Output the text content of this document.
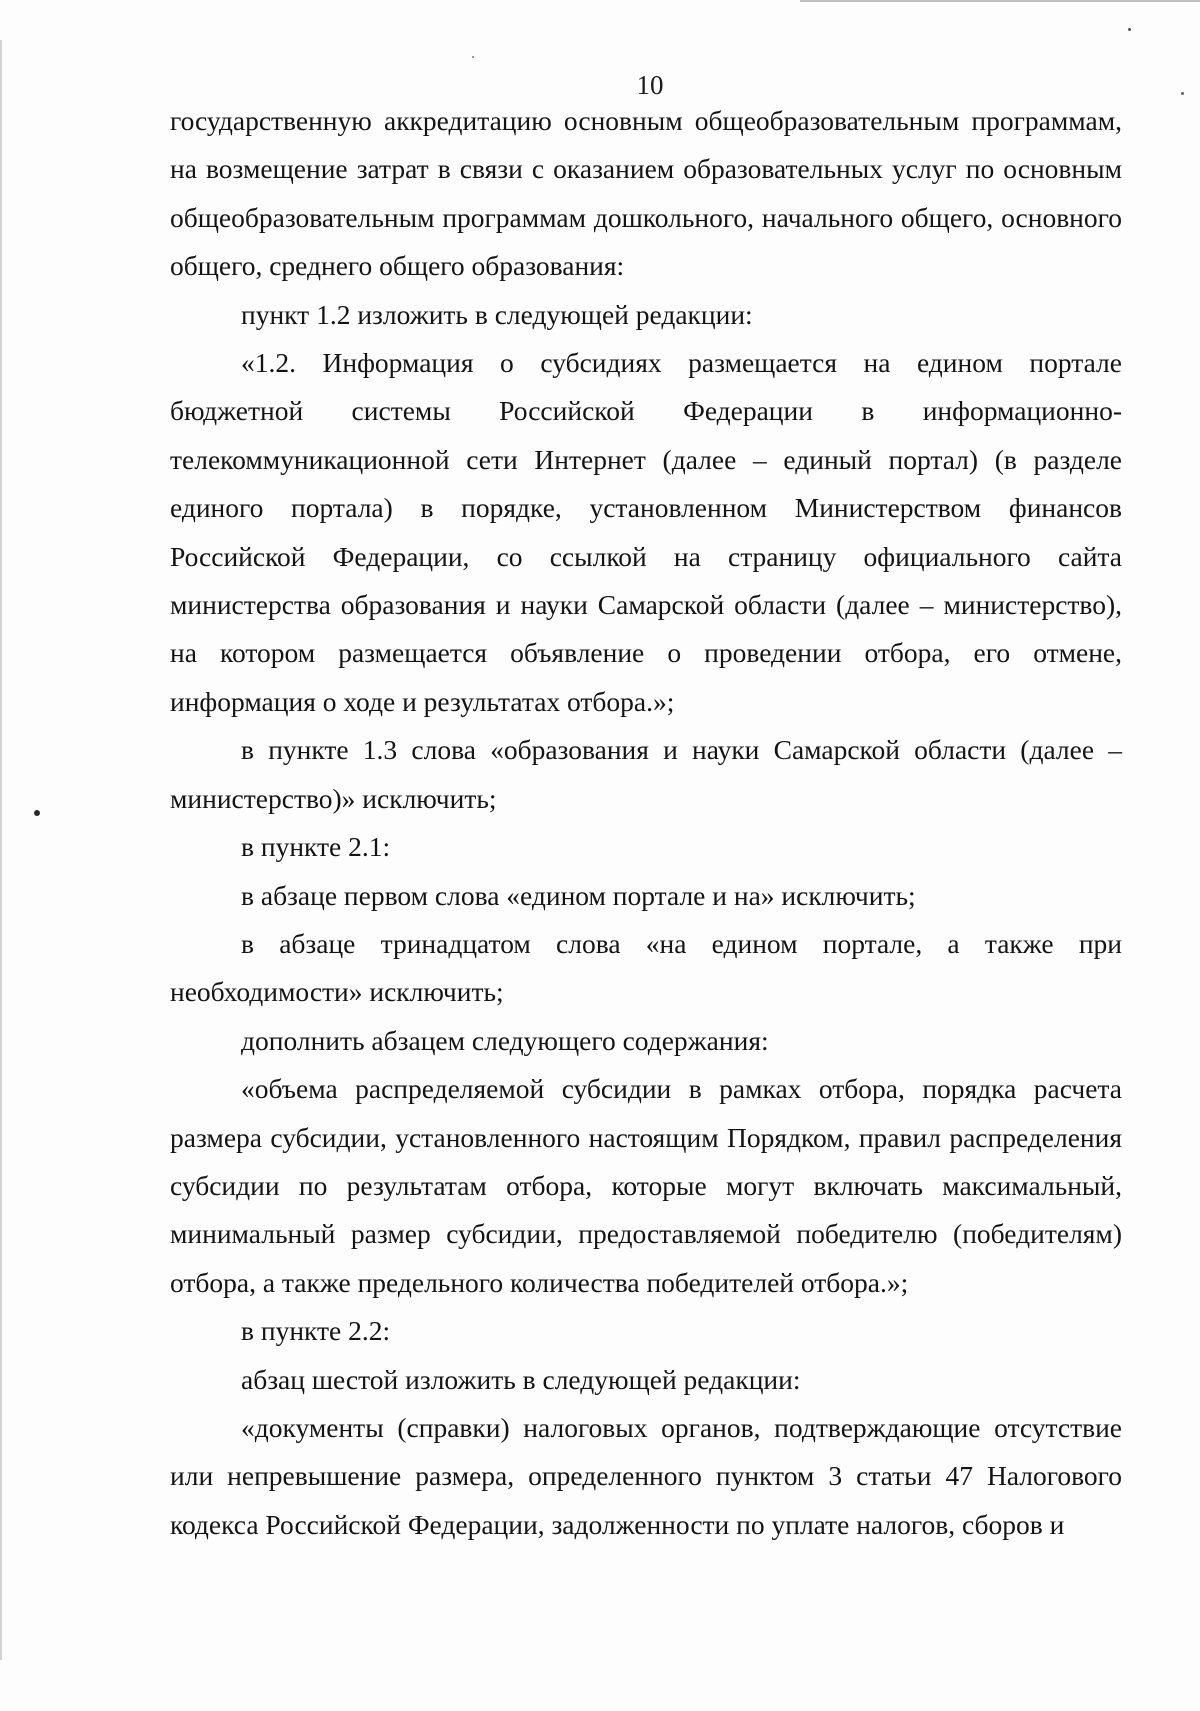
10

государственную аккредитацию основным общеобразовательным программам, на возмещение затрат в связи с оказанием образовательных услуг по основным общеобразовательным программам дошкольного, начального общего, основного общего, среднего общего образования:

пункт 1.2 изложить в следующей редакции:

«1.2. Информация о субсидиях размещается на едином портале бюджетной системы Российской Федерации в информационно-телекоммуникационной сети Интернет (далее – единый портал) (в разделе единого портала) в порядке, установленном Министерством финансов Российской Федерации, со ссылкой на страницу официального сайта министерства образования и науки Самарской области (далее – министерство), на котором размещается объявление о проведении отбора, его отмене, информация о ходе и результатах отбора.»;

в пункте 1.3 слова «образования и науки Самарской области (далее – министерство)» исключить;

в пункте 2.1:

в абзаце первом слова «едином портале и на» исключить;

в абзаце тринадцатом слова «на едином портале, а также при необходимости» исключить;

дополнить абзацем следующего содержания:

«объема распределяемой субсидии в рамках отбора, порядка расчета размера субсидии, установленного настоящим Порядком, правил распределения субсидии по результатам отбора, которые могут включать максимальный, минимальный размер субсидии, предоставляемой победителю (победителям) отбора, а также предельного количества победителей отбора.»;

в пункте 2.2:

абзац шестой изложить в следующей редакции:

«документы (справки) налоговых органов, подтверждающие отсутствие или непревышение размера, определенного пунктом 3 статьи 47 Налогового кодекса Российской Федерации, задолженности по уплате налогов, сборов и
